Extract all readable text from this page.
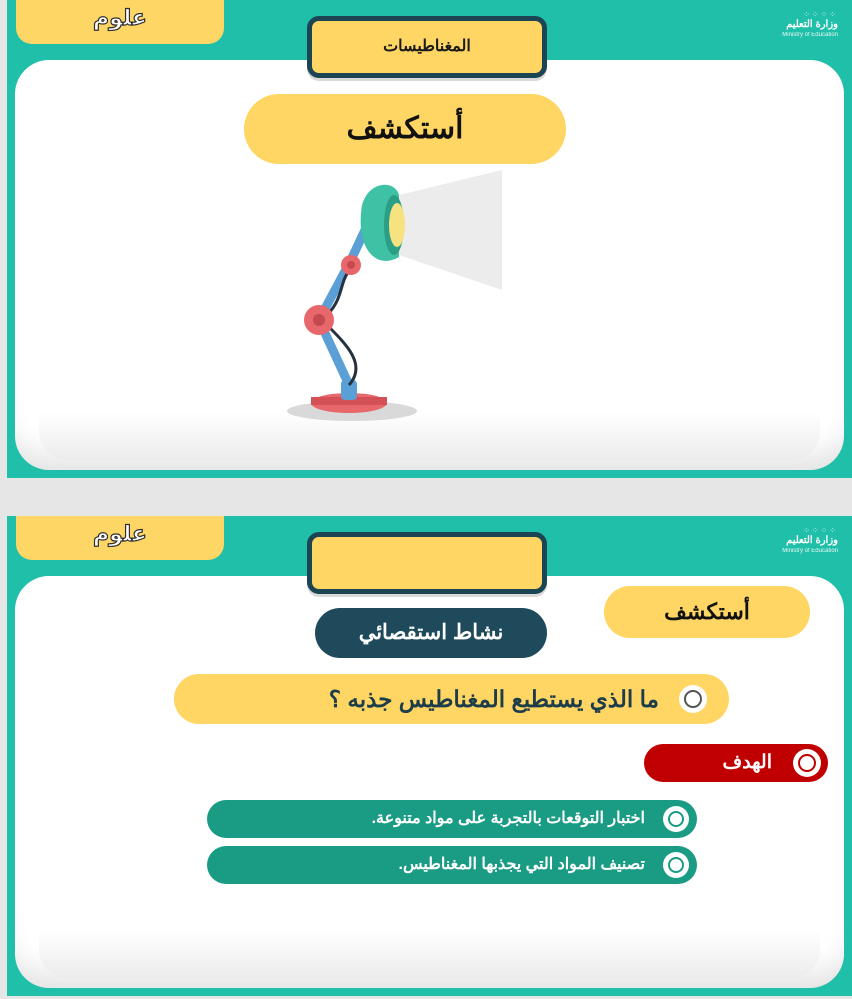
علوم	⁘⁘⁘⁘
وزارة التعليم
Ministry of Education
المغناطيسات
أستكشف
علوم	⁘⁘⁘⁘
وزارة التعليم
Ministry of Education
أستكشف
نشاط استقصائي
ما الذي يستطيع المغناطيس جذبه ؟
الهدف
اختبار التوقعات بالتجربة على مواد متنوعة.
تصنيف المواد التي يجذبها المغناطيس.
